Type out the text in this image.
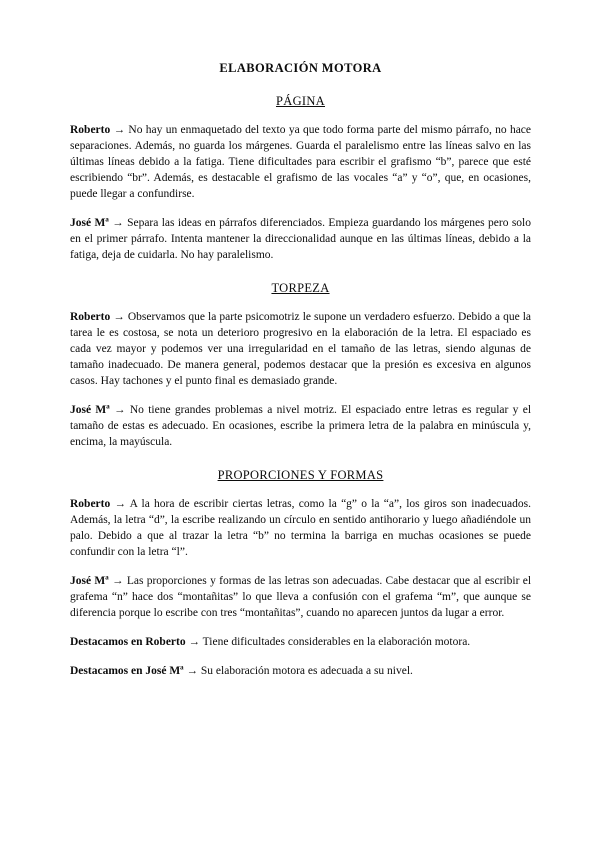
ELABORACIÓN MOTORA
PÁGINA

Roberto → No hay un enmaquetado del texto ya que todo forma parte del mismo párrafo, no hace separaciones. Además, no guarda los márgenes. Guarda el paralelismo entre las líneas salvo en las últimas líneas debido a la fatiga. Tiene dificultades para escribir el grafismo “b”, parece que esté escribiendo “br”. Además, es destacable el grafismo de las vocales “a” y “o”, que, en ocasiones, puede llegar a confundirse.

José Mª → Separa las ideas en párrafos diferenciados. Empieza guardando los márgenes pero solo en el primer párrafo. Intenta mantener la direccionalidad aunque en las últimas líneas, debido a la fatiga, deja de cuidarla. No hay paralelismo.

TORPEZA

Roberto → Observamos que la parte psicomotriz le supone un verdadero esfuerzo. Debido a que la tarea le es costosa, se nota un deterioro progresivo en la elaboración de la letra. El espaciado es cada vez mayor y podemos ver una irregularidad en el tamaño de las letras, siendo algunas de tamaño inadecuado. De manera general, podemos destacar que la presión es excesiva en algunos casos. Hay tachones y el punto final es demasiado grande.

José Mª → No tiene grandes problemas a nivel motriz. El espaciado entre letras es regular y el tamaño de estas es adecuado. En ocasiones, escribe la primera letra de la palabra en minúscula y, encima, la mayúscula.

PROPORCIONES Y FORMAS

Roberto → A la hora de escribir ciertas letras, como la “g” o la “a”, los giros son inadecuados. Además, la letra “d”, la escribe realizando un círculo en sentido antihorario y luego añadiéndole un palo. Debido a que al trazar la letra “b” no termina la barriga en muchas ocasiones se puede confundir con la letra “l”.

José Mª → Las proporciones y formas de las letras son adecuadas. Cabe destacar que al escribir el grafema “n” hace dos “montañitas” lo que lleva a confusión con el grafema “m”, que aunque se diferencia porque lo escribe con tres “montañitas”, cuando no aparecen juntos da lugar a error.

Destacamos en Roberto → Tiene dificultades considerables en la elaboración motora.

Destacamos en José Mª → Su elaboración motora es adecuada a su nivel.
